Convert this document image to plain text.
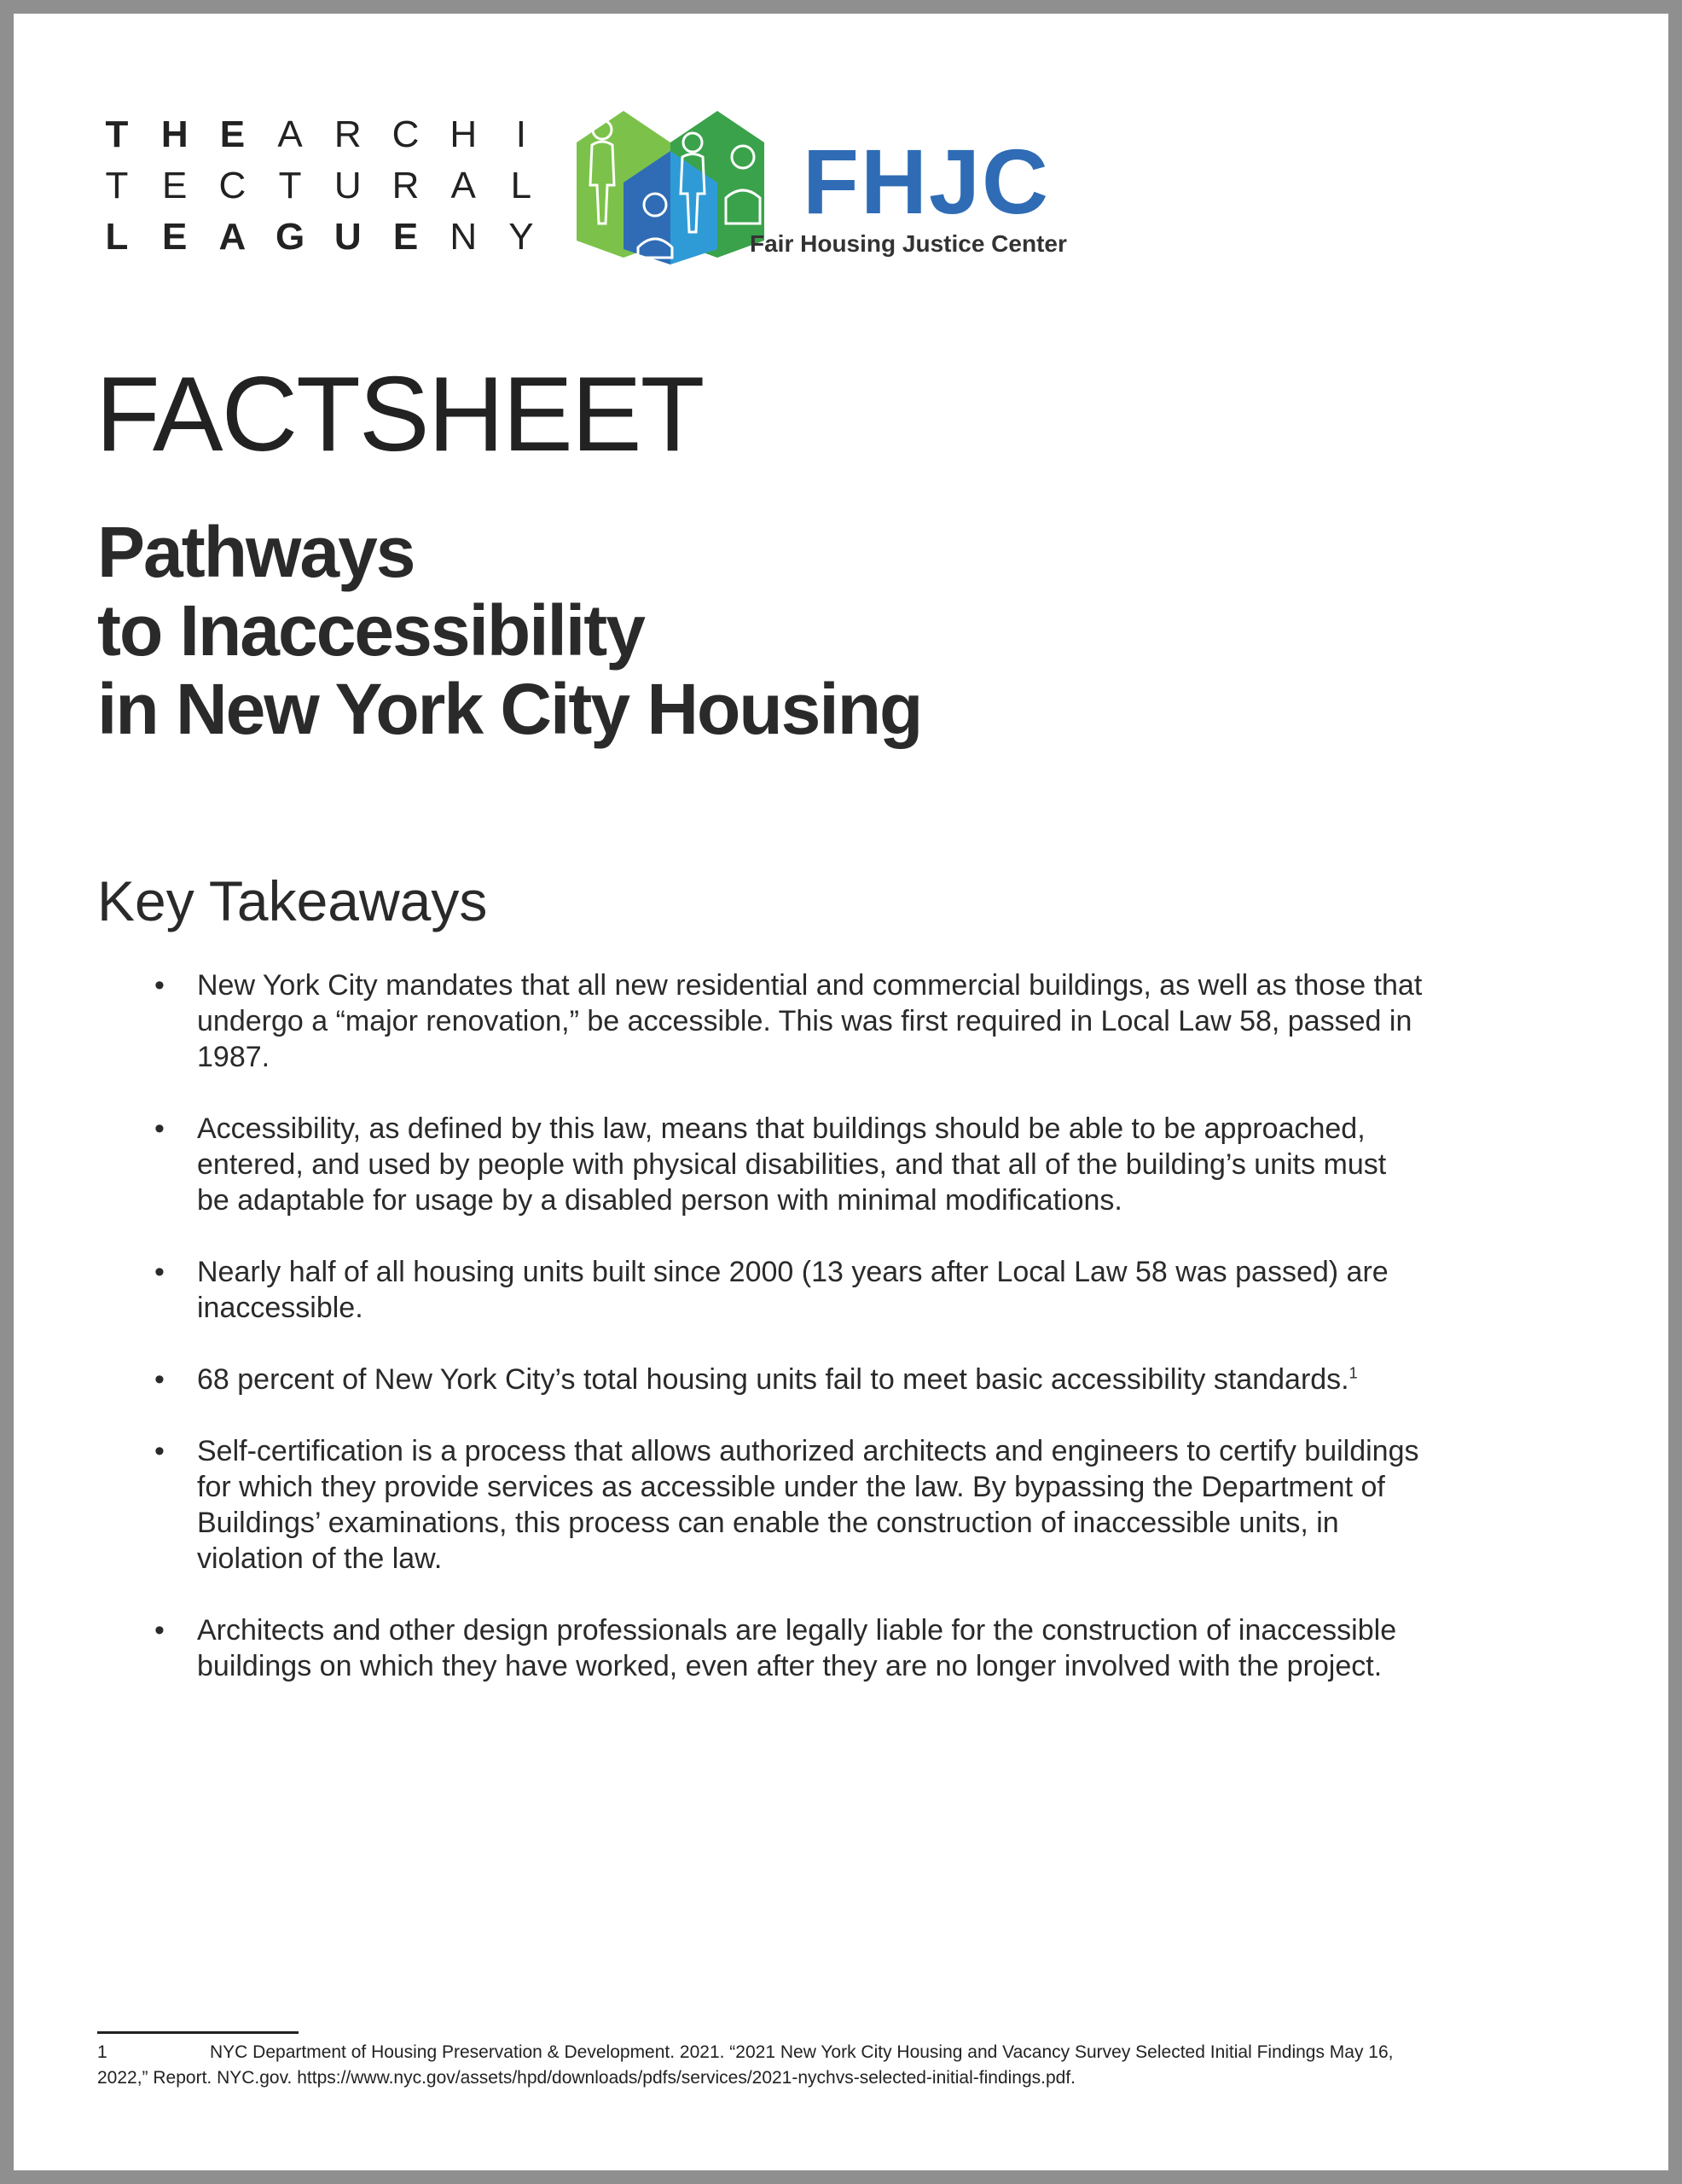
T H E A R C H	I
T E C T U R A L
L E A G U E N Y
FHJC
Fair Housing Justice Center
FACTSHEET
Pathways
to Inaccessibility
in New York City Housing
Key Takeaways
• New York City mandates that all new residential and commercial buildings, as well as those that undergo a “major renovation,” be accessible. This was first required in Local Law 58, passed in 1987.
• Accessibility, as defined by this law, means that buildings should be able to be approached, entered, and used by people with physical disabilities, and that all of the building’s units must be adaptable for usage by a disabled person with minimal modifications.
• Nearly half of all housing units built since 2000 (13 years after Local Law 58 was passed) are inaccessible.
• 68 percent of New York City’s total housing units fail to meet basic accessibility standards.$^1$
• Self-certification is a process that allows authorized architects and engineers to certify buildings for which they provide services as accessible under the law. By bypassing the Department of Buildings’ examinations, this process can enable the construction of inaccessible units, in violation of the law.
• Architects and other design professionals are legally liable for the construction of inaccessible buildings on which they have worked, even after they are no longer involved with the project.
1	NYC Department of Housing Preservation & Development. 2021. “2021 New York City Housing and Vacancy Survey Selected Initial Findings May 16, 2022,” Report. NYC.gov. https://www.nyc.gov/assets/hpd/downloads/pdfs/services/2021-nychvs-selected-initial-findings.pdf.
